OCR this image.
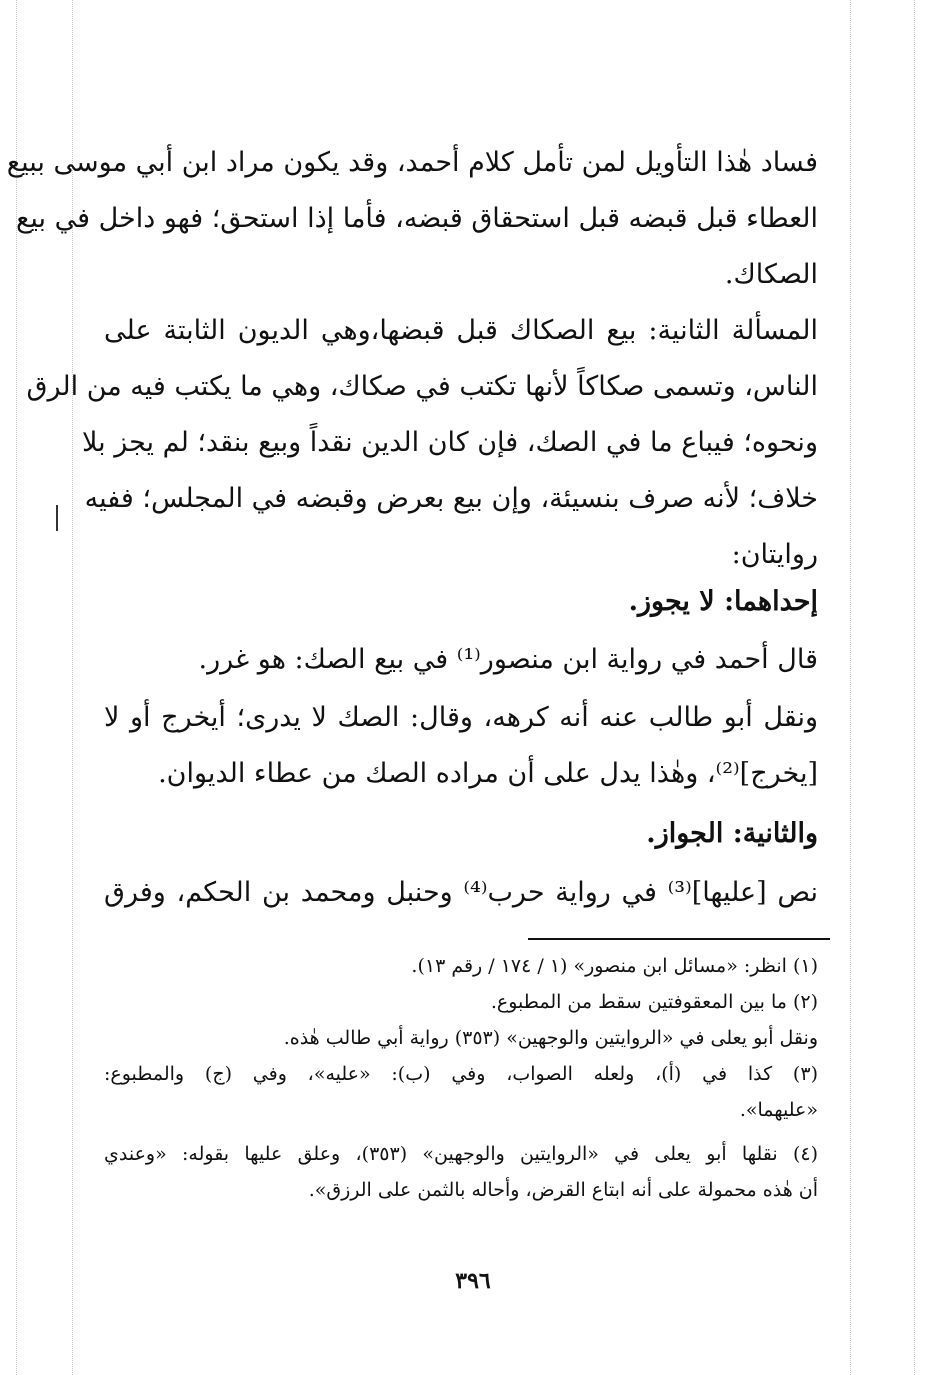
فساد هٰذا التأويل لمن تأمل كلام أحمد، وقد يكون مراد ابن أبي موسى ببيع
العطاء قبل قبضه قبل استحقاق قبضه، فأما إذا استحق؛ فهو داخل في بيع
الصكاك.
المسألة الثانية: بيع الصكاك قبل قبضها،وهي الديون الثابتة على
الناس، وتسمى صكاكاً لأنها تكتب في صكاك، وهي ما يكتب فيه من الرق
ونحوه؛ فيباع ما في الصك، فإن كان الدين نقداً وبيع بنقد؛ لم يجز بلا
خلاف؛ لأنه صرف بنسيئة، وإن بيع بعرض وقبضه في المجلس؛ ففيه
روايتان:
إحداهما: لا يجوز.
قال أحمد في رواية ابن منصور⁽¹⁾ في بيع الصك: هو غرر.
ونقل أبو طالب عنه أنه كرهه، وقال: الصك لا يدرى؛ أيخرج أو لا
[يخرج]⁽²⁾، وهٰذا يدل على أن مراده الصك من عطاء الديوان.
والثانية: الجواز.
نص [عليها]⁽³⁾ في رواية حرب⁽⁴⁾ وحنبل ومحمد بن الحكم، وفرق
(١) انظر: «مسائل ابن منصور» (١ / ١٧٤ / رقم ١٣).
(٢) ما بين المعقوفتين سقط من المطبوع.
ونقل أبو يعلى في «الروايتين والوجهين» (٣٥٣) رواية أبي طالب هٰذه.
(٣) كذا في (أ)، ولعله الصواب، وفي (ب): «عليه»، وفي (ج) والمطبوع:
«عليهما».
(٤) نقلها أبو يعلى في «الروايتين والوجهين» (٣٥٣)، وعلق عليها بقوله: «وعندي
أن هٰذه محمولة على أنه ابتاع القرض، وأحاله بالثمن على الرزق».
٣٩٦
